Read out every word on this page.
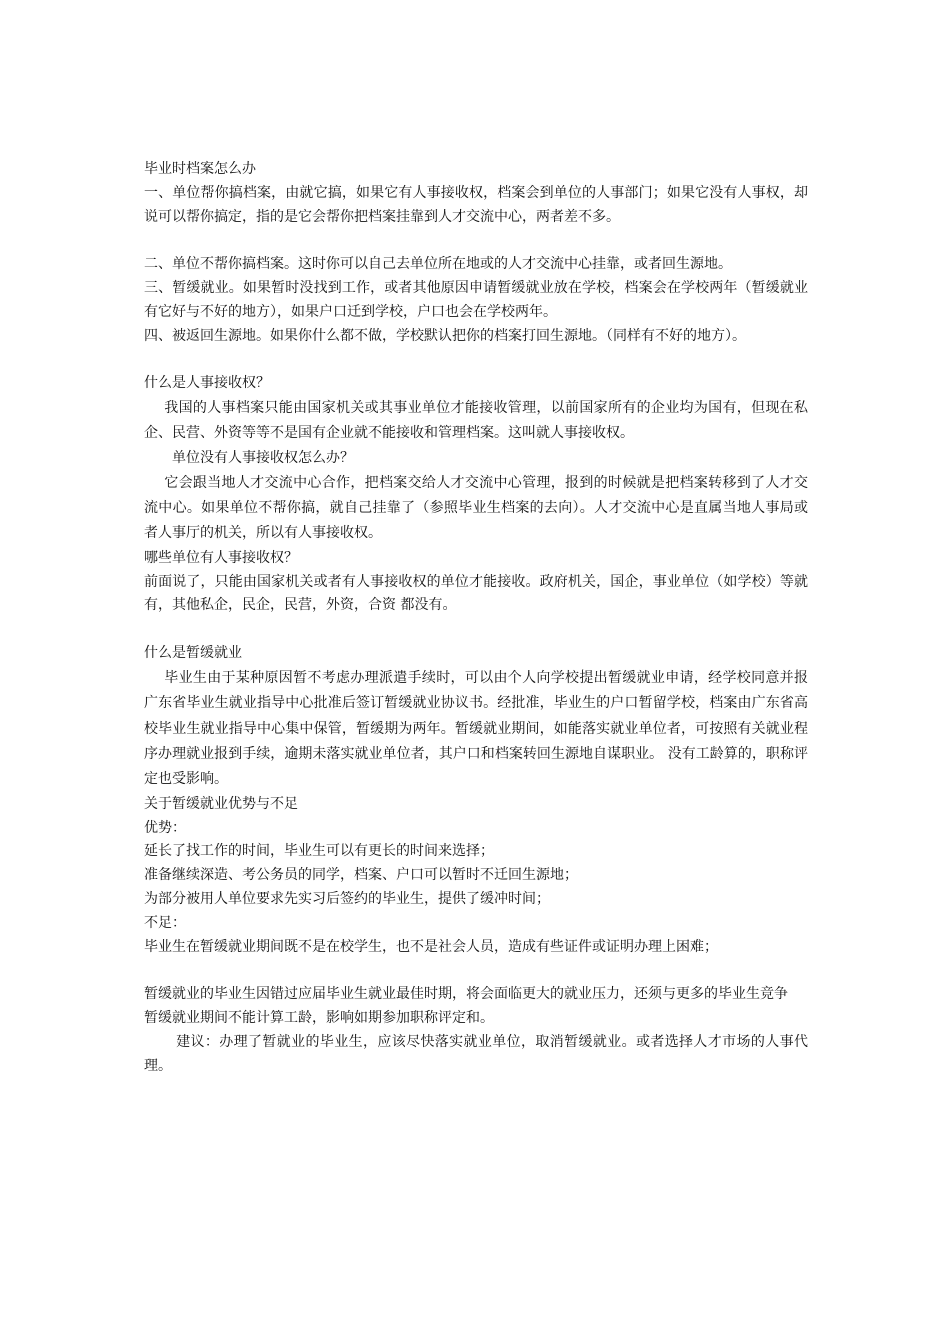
毕业时档案怎么办

一、单位帮你搞档案，由就它搞，如果它有人事接收权，档案会到单位的人事部门；如果它没有人事权，却说可以帮你搞定，指的是它会帮你把档案挂靠到人才交流中心，两者差不多。

二、单位不帮你搞档案。这时你可以自己去单位所在地或的人才交流中心挂靠，或者回生源地。

三、暂缓就业。如果暂时没找到工作，或者其他原因申请暂缓就业放在学校，档案会在学校两年（暂缓就业有它好与不好的地方），如果户口迁到学校，户口也会在学校两年。

四、被返回生源地。如果你什么都不做，学校默认把你的档案打回生源地。（同样有不好的地方）。

什么是人事接收权？

我国的人事档案只能由国家机关或其事业单位才能接收管理，以前国家所有的企业均为国有，但现在私企、民营、外资等等不是国有企业就不能接收和管理档案。这叫就人事接收权。

单位没有人事接收权怎么办？

它会跟当地人才交流中心合作，把档案交给人才交流中心管理，报到的时候就是把档案转移到了人才交流中心。如果单位不帮你搞，就自己挂靠了（参照毕业生档案的去向）。人才交流中心是直属当地人事局或者人事厅的机关，所以有人事接收权。

哪些单位有人事接收权？

前面说了，只能由国家机关或者有人事接收权的单位才能接收。政府机关，国企，事业单位（如学校）等就有，其他私企，民企，民营，外资，合资 都没有。

什么是暂缓就业

毕业生由于某种原因暂不考虑办理派遣手续时，可以由个人向学校提出暂缓就业申请，经学校同意并报广东省毕业生就业指导中心批准后签订暂缓就业协议书。经批准，毕业生的户口暂留学校，档案由广东省高校毕业生就业指导中心集中保管，暂缓期为两年。暂缓就业期间，如能落实就业单位者，可按照有关就业程序办理就业报到手续，逾期未落实就业单位者，其户口和档案转回生源地自谋职业。 没有工龄算的，职称评定也受影响。

关于暂缓就业优势与不足

优势：

延长了找工作的时间，毕业生可以有更长的时间来选择；

准备继续深造、考公务员的同学，档案、户口可以暂时不迁回生源地；

为部分被用人单位要求先实习后签约的毕业生，提供了缓冲时间；

不足：

毕业生在暂缓就业期间既不是在校学生，也不是社会人员，造成有些证件或证明办理上困难；

暂缓就业的毕业生因错过应届毕业生就业最佳时期，将会面临更大的就业压力，还须与更多的毕业生竞争

暂缓就业期间不能计算工龄，影响如期参加职称评定和。

建议：办理了暂就业的毕业生，应该尽快落实就业单位，取消暂缓就业。或者选择人才市场的人事代理。
